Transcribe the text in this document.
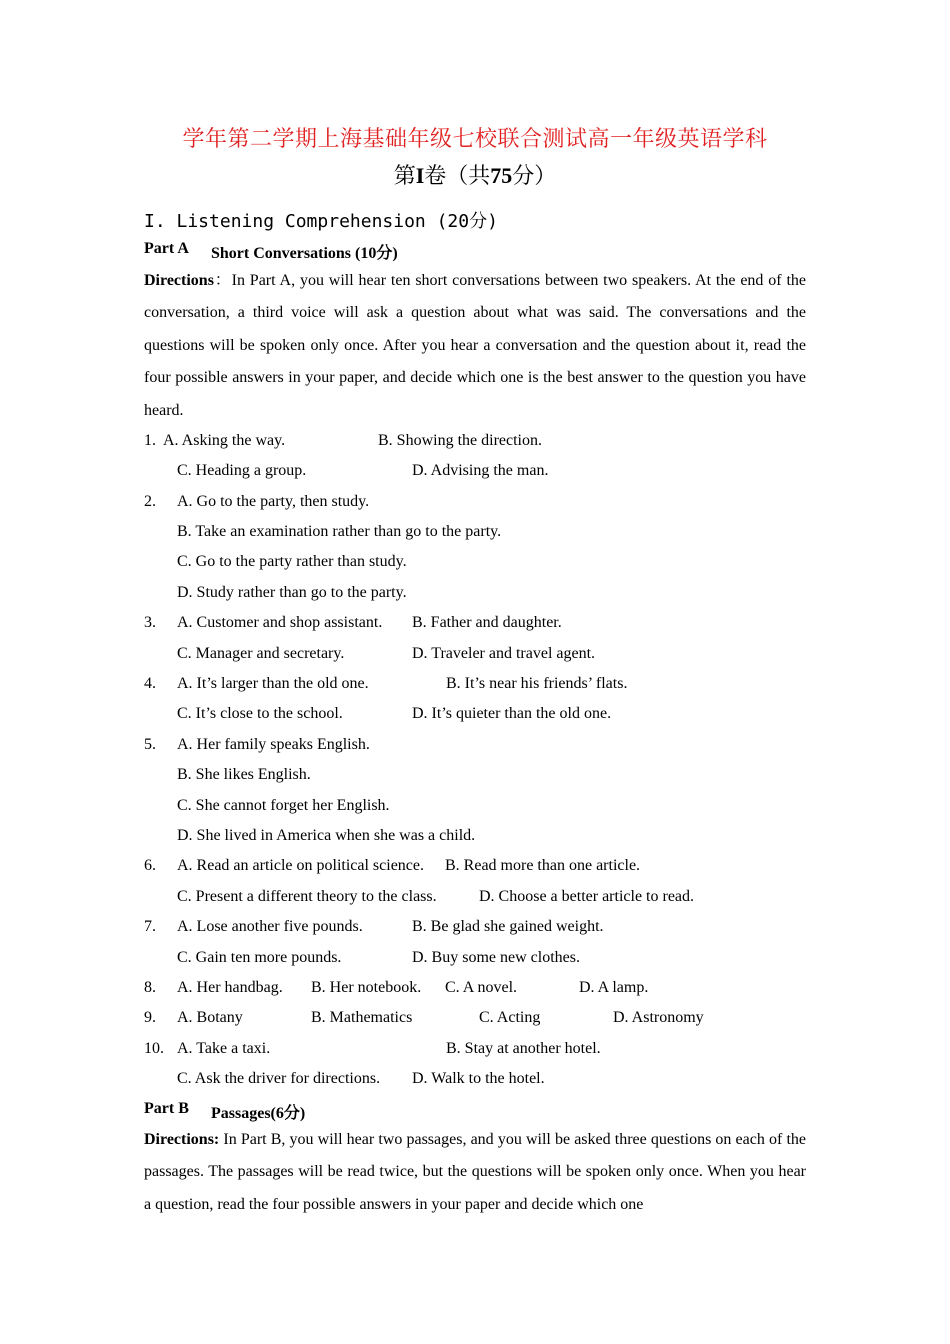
学年第二学期上海基础年级七校联合测试高一年级英语学科
第I卷（共75分）
I. Listening Comprehension (20分)
Part A Short Conversations (10分)
Directions：In Part A, you will hear ten short conversations between two speakers. At the end of the conversation, a third voice will ask a question about what was said. The conversations and the questions will be spoken only once. After you hear a conversation and the question about it, read the four possible answers in your paper, and decide which one is the best answer to the question you have heard.
1. A. Asking the way.	B. Showing the direction.
C. Heading a group.	D. Advising the man.
2. A. Go to the party, then study.
B. Take an examination rather than go to the party.
C. Go to the party rather than study.
D. Study rather than go to the party.
3. A. Customer and shop assistant. B. Father and daughter.
C. Manager and secretary.	D. Traveler and travel agent.
4. A. It’s larger than the old one.	B. It’s near his friends’ flats.
C. It’s close to the school.	D. It’s quieter than the old one.
5. A. Her family speaks English.
B. She likes English.
C. She cannot forget her English.
D. She lived in America when she was a child.
6. A. Read an article on political science. B. Read more than one article.
C. Present a different theory to the class.	D. Choose a better article to read.
7. A. Lose another five pounds.	B. Be glad she gained weight.
C. Gain ten more pounds.	D. Buy some new clothes.
8. A. Her handbag. B. Her notebook. C. A novel.	D. A lamp.
9. A. Botany	B. Mathematics	C. Acting	D. Astronomy
10. A. Take a taxi.	B. Stay at another hotel.
C. Ask the driver for directions. D. Walk to the hotel.
Part B Passages(6分)
Directions: In Part B, you will hear two passages, and you will be asked three questions on each of the passages. The passages will be read twice, but the questions will be spoken only once. When you hear a question, read the four possible answers in your paper and decide which one
